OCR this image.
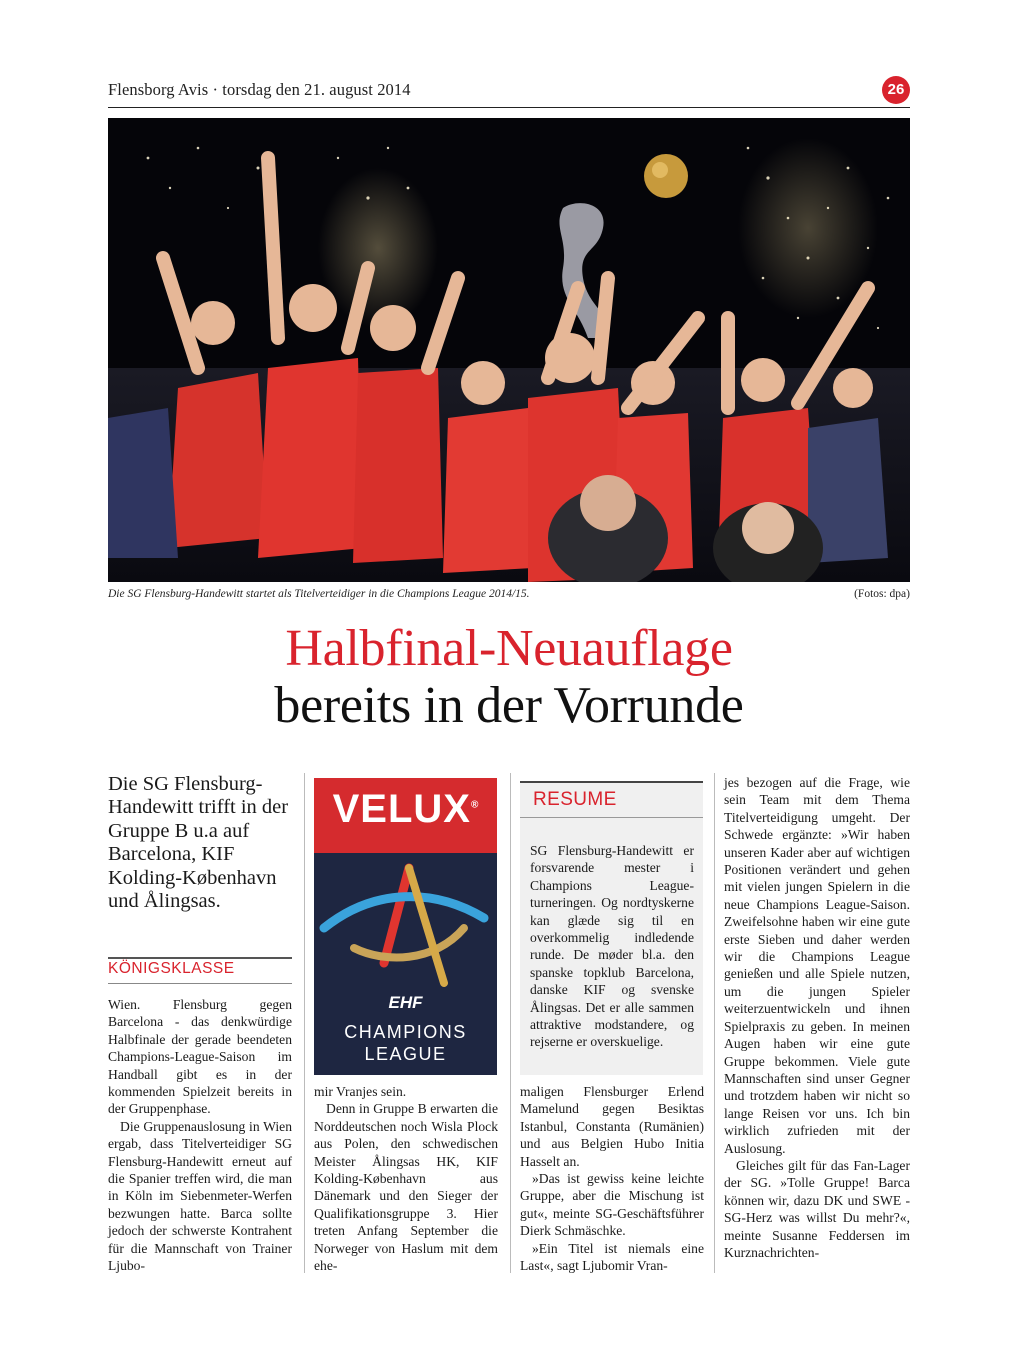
Flensborg Avis · torsdag den 21. august 2014	26
Die SG Flensburg-Handewitt startet als Titelverteidiger in die Champions League 2014/15.	(Fotos: dpa)
Halbfinal-Neuauflage
bereits in der Vorrunde
Die SG Flensburg-Handewitt trifft in der Gruppe B u.a auf Barcelona, KIF Kolding-København und Ålingsas.
KÖNIGSKLASSE

Wien. Flensburg gegen Barcelona - das denkwürdige Halbfinale der gerade beendeten Champions-League-Saison im Handball gibt es in der kommenden Spielzeit bereits in der Gruppenphase.

Die Gruppenauslosung in Wien ergab, dass Titelverteidiger SG Flensburg-Handewitt erneut auf die Spanier treffen wird, die man in Köln im Siebenmeter-Werfen bezwungen hatte. Barca sollte jedoch der schwerste Kontrahent für die Mannschaft von Trainer Ljubo-

VELUX®
EHF
CHAMPIONS
LEAGUE

mir Vranjes sein.

Denn in Gruppe B erwarten die Norddeutschen noch Wisla Plock aus Polen, den schwedischen Meister Ålingsas HK, KIF Kolding-København aus Dänemark und den Sieger der Qualifikationsgruppe 3. Hier treten Anfang September die Norweger von Haslum mit dem ehe-

RESUME
SG Flensburg-Handewitt er forsvarende mester i Champions League-turneringen. Og nordtyskerne kan glæde sig til en overkommelig indledende runde. De møder bl.a. den spanske topklub Barcelona, danske KIF og svenske Ålingsas. Det er alle sammen attraktive modstandere, og rejserne er overskuelige.

maligen Flensburger Erlend Mamelund gegen Besiktas Istanbul, Constanta (Rumänien) und aus Belgien Hubo Initia Hasselt an.

»Das ist gewiss keine leichte Gruppe, aber die Mischung ist gut«, meinte SG-Geschäftsführer Dierk Schmäschke.

»Ein Titel ist niemals eine Last«, sagt Ljubomir Vran-

jes bezogen auf die Frage, wie sein Team mit dem Thema Titelverteidigung umgeht. Der Schwede ergänzte: »Wir haben unseren Kader aber auf wichtigen Positionen verändert und gehen mit vielen jungen Spielern in die neue Champions League-Saison. Zweifelsohne haben wir eine gute erste Sieben und daher werden wir die Champions League genießen und alle Spiele nutzen, um die jungen Spieler weiterzuentwickeln und ihnen Spielpraxis zu geben. In meinen Augen haben wir eine gute Gruppe bekommen. Viele gute Mannschaften sind unser Gegner und trotzdem haben wir nicht so lange Reisen vor uns. Ich bin wirklich zufrieden mit der Auslosung.

Gleiches gilt für das Fan-Lager der SG. »Tolle Gruppe! Barca können wir, dazu DK und SWE - SG-Herz was willst Du mehr?«, meinte Susanne Feddersen im Kurznachrichten-
